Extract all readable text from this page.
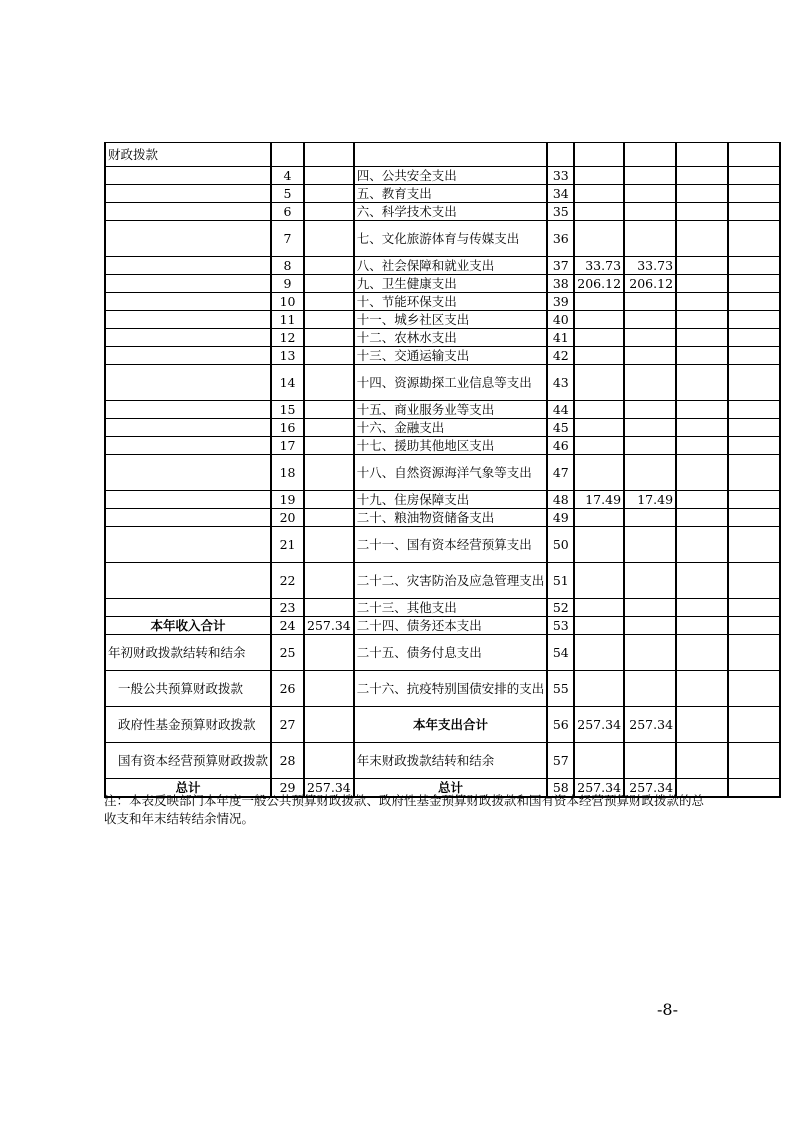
财政拨款								
	4		四、公共安全支出	33				
	5		五、教育支出	34				
	6		六、科学技术支出	35				
	7		七、文化旅游体育与传媒支出	36				
	8		八、社会保障和就业支出	37	33.73	33.73		
	9		九、卫生健康支出	38	206.12	206.12		
	10		十、节能环保支出	39				
	11		十一、城乡社区支出	40				
	12		十二、农林水支出	41				
	13		十三、交通运输支出	42				
	14		十四、资源勘探工业信息等支出	43				
	15		十五、商业服务业等支出	44				
	16		十六、金融支出	45				
	17		十七、援助其他地区支出	46				
	18		十八、自然资源海洋气象等支出	47				
	19		十九、住房保障支出	48	17.49	17.49		
	20		二十、粮油物资储备支出	49				
	21		二十一、国有资本经营预算支出	50				
	22		二十二、灾害防治及应急管理支出	51				
	23		二十三、其他支出	52				
本年收入合计	24	257.34	二十四、债务还本支出	53				
年初财政拨款结转和结余	25		二十五、债务付息支出	54				
一般公共预算财政拨款	26		二十六、抗疫特别国债安排的支出	55				
政府性基金预算财政拨款	27		本年支出合计	56	257.34	257.34		
国有资本经营预算财政拨款	28		年末财政拨款结转和结余	57				
总计	29	257.34	总计	58	257.34	257.34		
注：本表反映部门本年度一般公共预算财政拨款、政府性基金预算财政拨款和国有资本经营预算财政拨款的总收支和年末结转结余情况。
-8-
